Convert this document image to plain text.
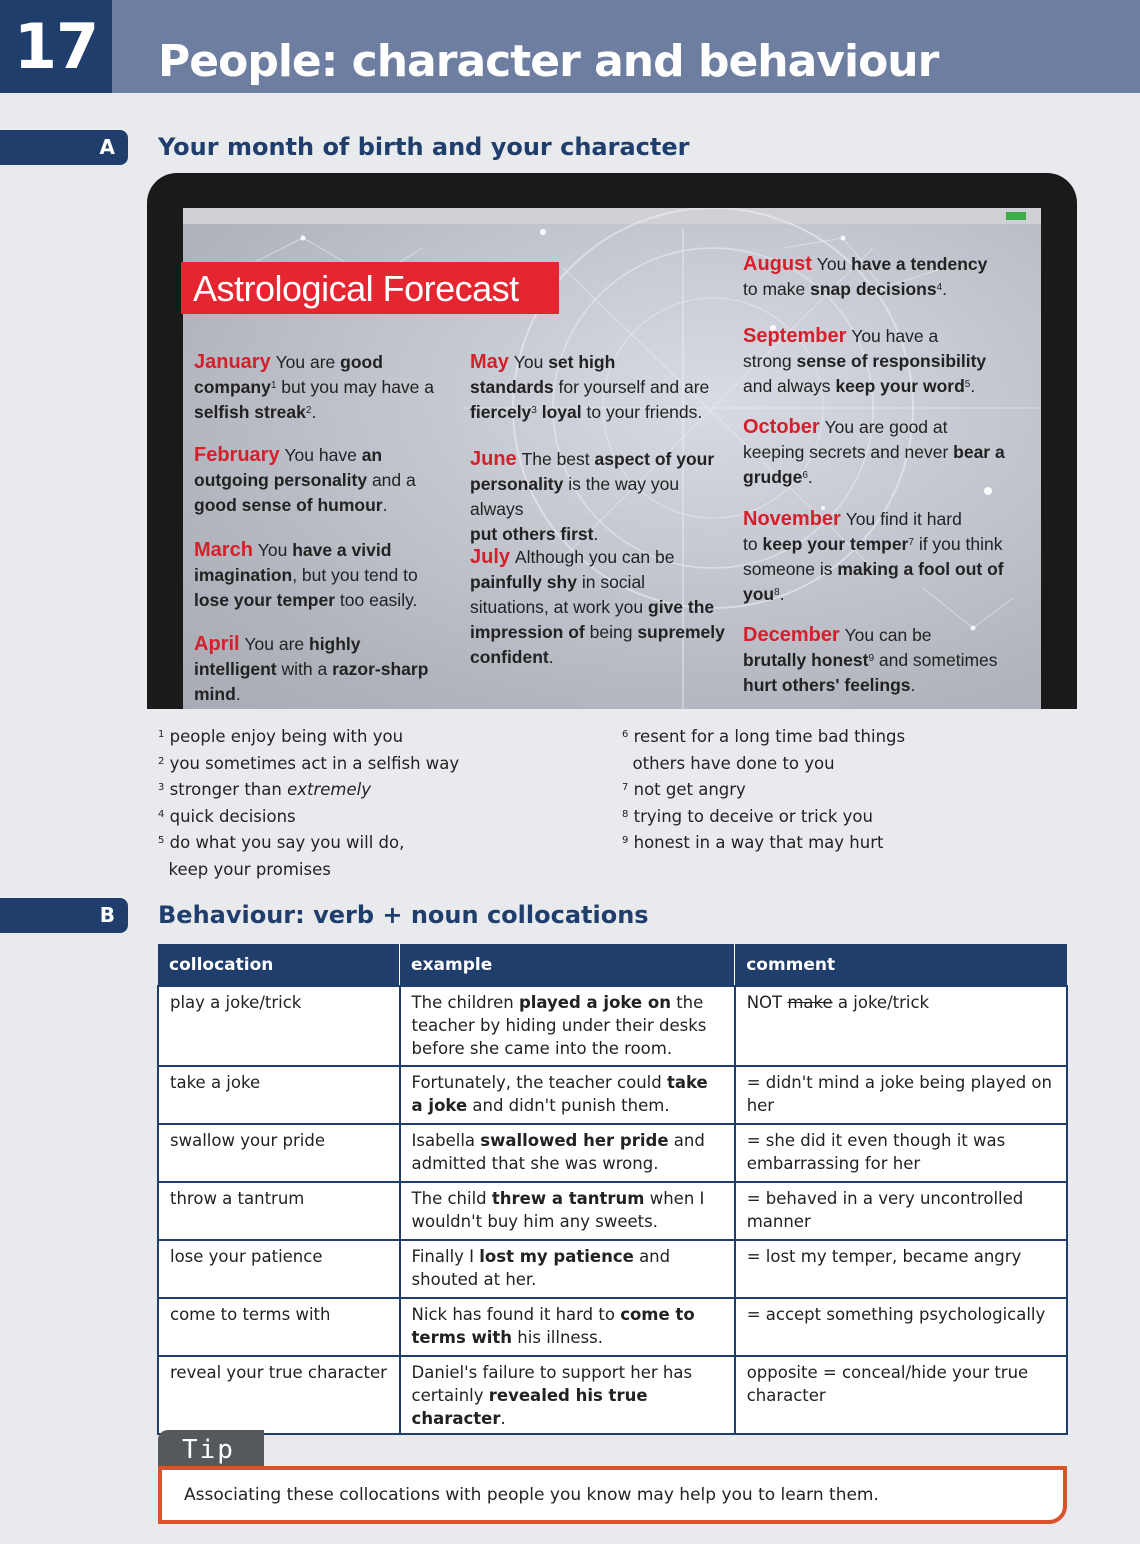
17	People: character and behaviour
A	Your month of birth and your character
Astrological Forecast
January You are good
company$^1$ but you may have a
selfish streak$^2$.
February You have an
outgoing personality and a
good sense of humour.
March You have a vivid
imagination, but you tend to
lose your temper too easily.
April You are highly
intelligent with a razor-sharp
mind.
May You set high
standards for yourself and are
fiercely$^3$ loyal to your friends.
June The best aspect of your
personality is the way you always
put others first.
July Although you can be
painfully shy in social
situations, at work you give the
impression of being supremely
confident.
August You have a tendency
to make snap decisions$^4$.
September You have a
strong sense of responsibility
and always keep your word$^5$.
October You are good at
keeping secrets and never bear a
grudge$^6$.
November You find it hard
to keep your temper$^7$ if you think
someone is making a fool out of
you$^8$.
December You can be
brutally honest$^9$ and sometimes
hurt others' feelings.
$^1$ people enjoy being with you
$^2$ you sometimes act in a selfish way
$^3$ stronger than extremely
$^4$ quick decisions
$^5$ do what you say you will do,
keep your promises
$^6$ resent for a long time bad things
others have done to you
$^7$ not get angry
$^8$ trying to deceive or trick you
$^9$ honest in a way that may hurt
B	Behaviour: verb + noun collocations
collocation	example	comment
play a joke/trick	The children played a joke on the teacher by hiding under their desks before she came into the room.	NOT make a joke/trick
take a joke	Fortunately, the teacher could take a joke and didn't punish them.	= didn't mind a joke being played on her
swallow your pride	Isabella swallowed her pride and admitted that she was wrong.	= she did it even though it was embarrassing for her
throw a tantrum	The child threw a tantrum when I wouldn't buy him any sweets.	= behaved in a very uncontrolled manner
lose your patience	Finally I lost my patience and shouted at her.	= lost my temper, became angry
come to terms with	Nick has found it hard to come to terms with his illness.	= accept something psychologically
reveal your true character	Daniel's failure to support her has certainly revealed his true character.	opposite = conceal/hide your true character
Tip
Associating these collocations with people you know may help you to learn them.
